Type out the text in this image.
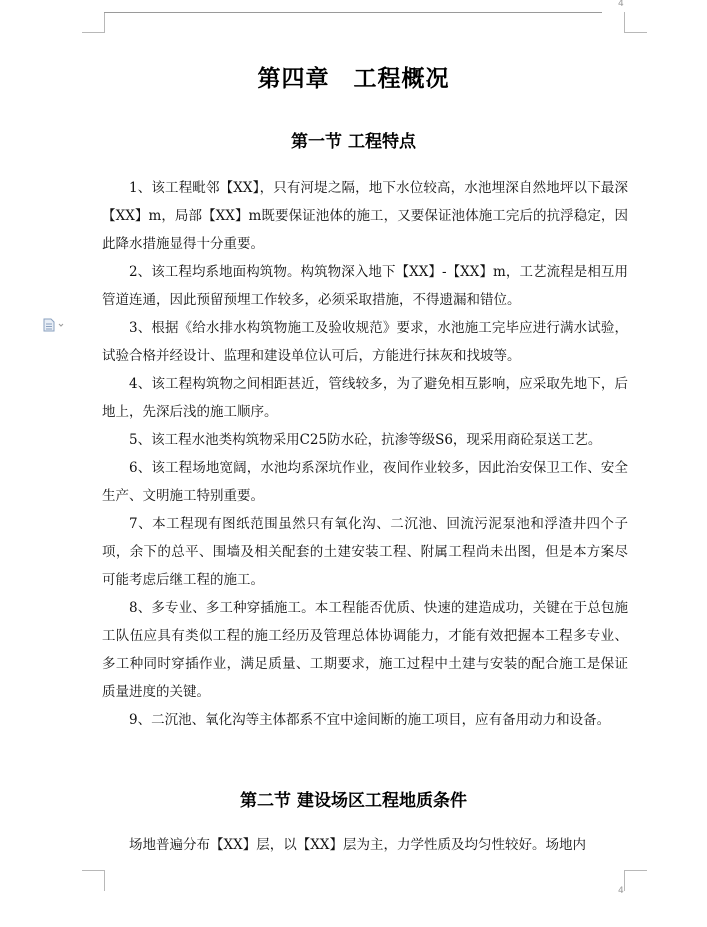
4
第四章　工程概况
第一节 工程特点

1、该工程毗邻【XX】，只有河堤之隔，地下水位较高，水池埋深自然地坪以下最深【XX】m，局部【XX】m既要保证池体的施工，又要保证池体施工完后的抗浮稳定，因此降水措施显得十分重要。

2、该工程均系地面构筑物。构筑物深入地下【XX】-【XX】m，工艺流程是相互用管道连通，因此预留预埋工作较多，必须采取措施，不得遗漏和错位。

3、根据《给水排水构筑物施工及验收规范》要求，水池施工完毕应进行满水试验，试验合格并经设计、监理和建设单位认可后，方能进行抹灰和找坡等。

4、该工程构筑物之间相距甚近，管线较多，为了避免相互影响，应采取先地下，后地上，先深后浅的施工顺序。

5、该工程水池类构筑物采用C25防水砼，抗渗等级S6，现采用商砼泵送工艺。

6、该工程场地宽阔，水池均系深坑作业，夜间作业较多，因此治安保卫工作、安全生产、文明施工特别重要。

7、本工程现有图纸范围虽然只有氧化沟、二沉池、回流污泥泵池和浮渣井四个子项，余下的总平、围墙及相关配套的土建安装工程、附属工程尚未出图，但是本方案尽可能考虑后继工程的施工。

8、多专业、多工种穿插施工。本工程能否优质、快速的建造成功，关键在于总包施工队伍应具有类似工程的施工经历及管理总体协调能力，才能有效把握本工程多专业、多工种同时穿插作业，满足质量、工期要求，施工过程中土建与安装的配合施工是保证质量进度的关键。

9、二沉池、氧化沟等主体都系不宜中途间断的施工项目，应有备用动力和设备。

第二节 建设场区工程地质条件

场地普遍分布【XX】层，以【XX】层为主，力学性质及均匀性较好。场地内

4
